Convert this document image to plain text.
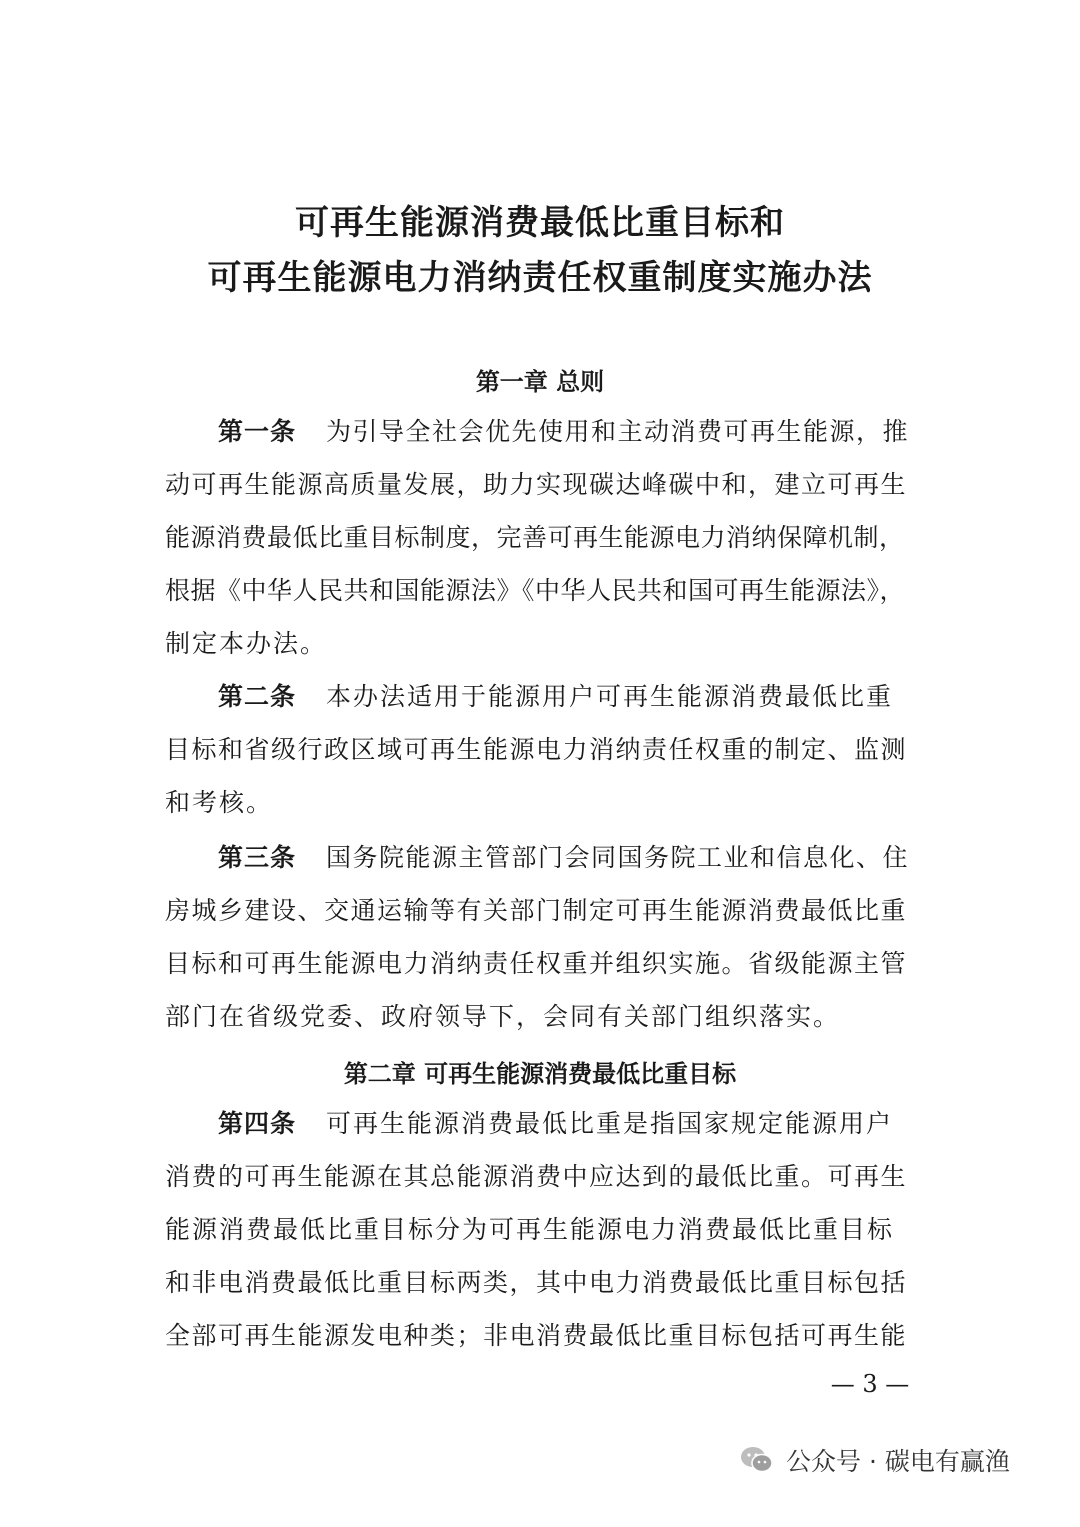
可再生能源消费最低比重目标和
可再生能源电力消纳责任权重制度实施办法
第一章 总则
第一条 为引导全社会优先使用和主动消费可再生能源，推
动可再生能源高质量发展，助力实现碳达峰碳中和，建立可再生
能源消费最低比重目标制度，完善可再生能源电力消纳保障机制，
根据《中华人民共和国能源法》《中华人民共和国可再生能源法》，
制定本办法。
第二条 本办法适用于能源用户可再生能源消费最低比重
目标和省级行政区域可再生能源电力消纳责任权重的制定、监测
和考核。
第三条 国务院能源主管部门会同国务院工业和信息化、住
房城乡建设、交通运输等有关部门制定可再生能源消费最低比重
目标和可再生能源电力消纳责任权重并组织实施。省级能源主管
部门在省级党委、政府领导下，会同有关部门组织落实。
第二章 可再生能源消费最低比重目标
第四条 可再生能源消费最低比重是指国家规定能源用户
消费的可再生能源在其总能源消费中应达到的最低比重。可再生
能源消费最低比重目标分为可再生能源电力消费最低比重目标
和非电消费最低比重目标两类，其中电力消费最低比重目标包括
全部可再生能源发电种类；非电消费最低比重目标包括可再生能
— 3 —
公众号 · 碳电有赢渔
